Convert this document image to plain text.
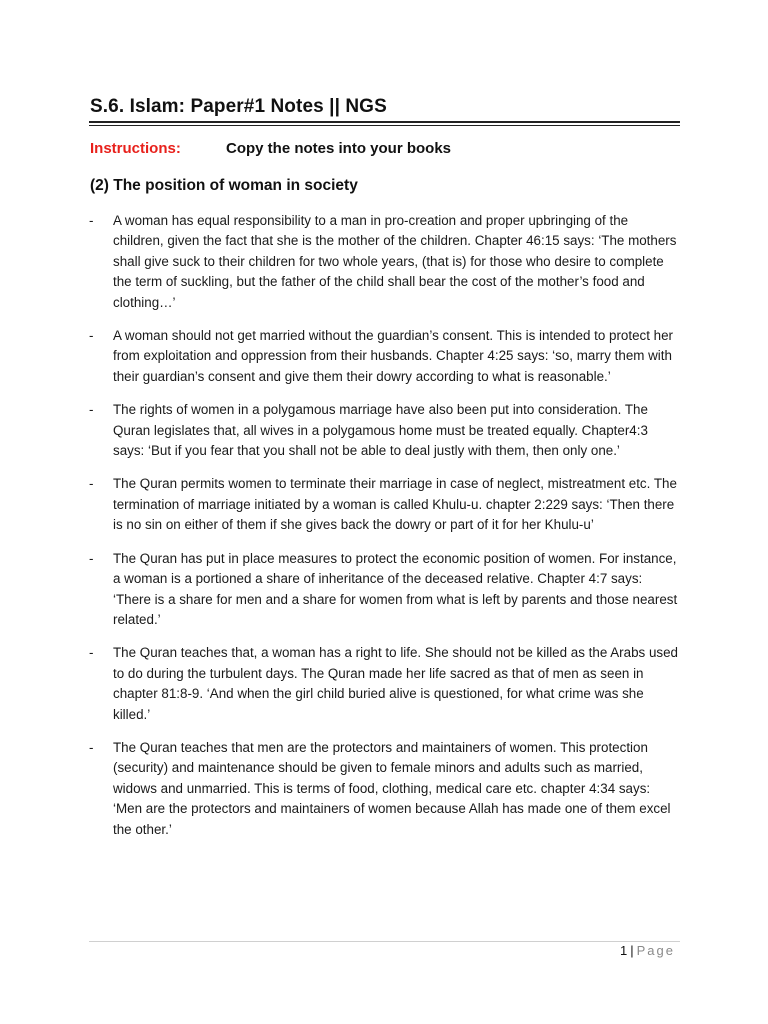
S.6. Islam: Paper#1 Notes || NGS
Instructions:	Copy the notes into your books
(2) The position of woman in society
- A woman has equal responsibility to a man in pro-creation and proper upbringing of the children, given the fact that she is the mother of the children. Chapter 46:15 says: ‘The mothers shall give suck to their children for two whole years, (that is) for those who desire to complete the term of suckling, but the father of the child shall bear the cost of the mother’s food and clothing…’
- A woman should not get married without the guardian’s consent. This is intended to protect her from exploitation and oppression from their husbands. Chapter 4:25 says: ‘so, marry them with their guardian’s consent and give them their dowry according to what is reasonable.’
- The rights of women in a polygamous marriage have also been put into consideration. The Quran legislates that, all wives in a polygamous home must be treated equally. Chapter4:3 says: ‘But if you fear that you shall not be able to deal justly with them, then only one.’
- The Quran permits women to terminate their marriage in case of neglect, mistreatment etc. The termination of marriage initiated by a woman is called Khulu-u. chapter 2:229 says: ‘Then there is no sin on either of them if she gives back the dowry or part of it for her Khulu-u’
- The Quran has put in place measures to protect the economic position of women. For instance, a woman is a portioned a share of inheritance of the deceased relative. Chapter 4:7 says: ‘There is a share for men and a share for women from what is left by parents and those nearest related.’
- The Quran teaches that, a woman has a right to life. She should not be killed as the Arabs used to do during the turbulent days. The Quran made her life sacred as that of men as seen in chapter 81:8-9. ‘And when the girl child buried alive is questioned, for what crime was she killed.’
- The Quran teaches that men are the protectors and maintainers of women. This protection (security) and maintenance should be given to female minors and adults such as married, widows and unmarried. This is terms of food, clothing, medical care etc. chapter 4:34 says: ‘Men are the protectors and maintainers of women because Allah has made one of them excel the other.’
1 | Page
